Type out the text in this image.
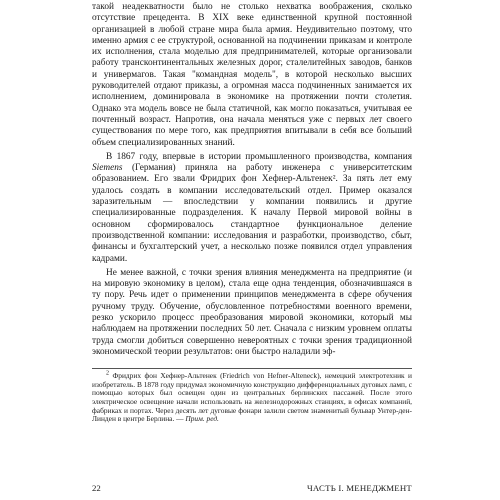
такой неадекватности было не столько нехватка воображения, сколько отсутствие прецедента. В XIX веке единственной крупной постоянной организацией в любой стране мира была армия. Неудивительно поэтому, что именно армия с ее структурой, основанной на подчинении приказам и контроле их исполнения, стала моделью для предпринимателей, которые организовали работу трансконтинентальных железных дорог, сталелитейных заводов, банков и универмагов. Такая "командная модель", в которой несколько высших руководителей отдают приказы, а огромная масса подчиненных занимается их исполнением, доминировала в экономике на протяжении почти столетия. Однако эта модель вовсе не была статичной, как могло показаться, учитывая ее почтенный возраст. Напротив, она начала меняться уже с первых лет своего существования по мере того, как предприятия впитывали в себя все больший объем специализированных знаний.

В 1867 году, впервые в истории промышленного производства, компания Siemens (Германия) приняла на работу инженера с университетским образованием. Его звали Фридрих фон Хефнер-Альтенек². За пять лет ему удалось создать в компании исследовательский отдел. Пример оказался заразительным — впоследствии у компании появились и другие специализированные подразделения. К началу Первой мировой войны в основном сформировалось стандартное функциональное деление производственной компании: исследования и разработки, производство, сбыт, финансы и бухгалтерский учет, а несколько позже появился отдел управления кадрами.

Не менее важной, с точки зрения влияния менеджмента на предприятие (и на мировую экономику в целом), стала еще одна тенденция, обозначившаяся в ту пору. Речь идет о применении принципов менеджмента в сфере обучения ручному труду. Обучение, обусловленное потребностями военного времени, резко ускорило процесс преобразования мировой экономики, который мы наблюдаем на протяжении последних 50 лет. Сначала с низким уровнем оплаты труда смогли добиться совершенно невероятных с точки зрения традиционной экономической теории результатов: они быстро наладили эф-

$^2$ Фридрих фон Хефнер-Альтенек (Friedrich von Hefner-Alteneck), немецкий электротехник и изобретатель. В 1878 году придумал экономичную конструкцию дифференциальных дуговых ламп, с помощью которых был освещен один из центральных берлинских пассажей. После этого электрическое освещение начали использовать на железнодорожных станциях, в офисах компаний, фабриках и портах. Через десять лет дуговые фонари залили светом знаменитый бульвар Унтер-ден-Линден в центре Берлина. — Прим. ред.

22	ЧАСТЬ I. МЕНЕДЖМЕНТ
